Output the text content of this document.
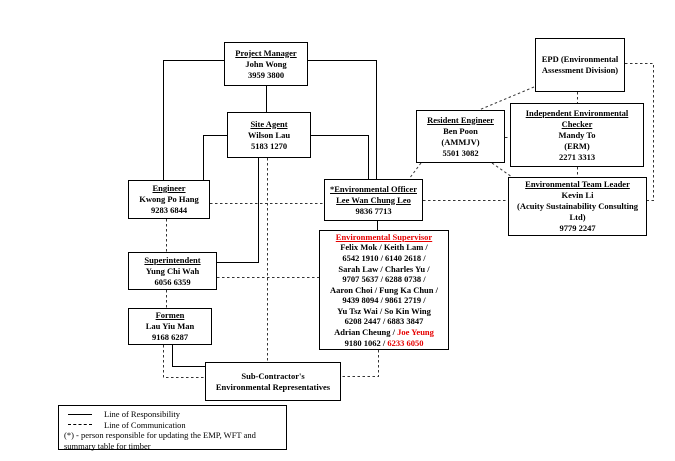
Project Manager
John Wong
3959 3800
Site Agent
Wilson Lau
5183 1270
EPD (Environmental
Assessment Division)
Resident Engineer
Ben Poon
(AMMJV)
5501 3082
Independent Environmental
Checker
Mandy To
(ERM)
2271 3313
Engineer
Kwong Po Hang
9283 6844
*Environmental Officer
Lee Wan Chung Leo
9836 7713
Environmental Team Leader
Kevin Li
(Acuity Sustainability Consulting
Ltd)
9779 2247
Superintendent
Yung Chi Wah
6056 6359
Formen
Lau Yiu Man
9168 6287
Environmental Supervisor
Felix Mok / Keith Lam /
6542 1910 / 6140 2618 /
Sarah Law / Charles Yu /
9707 5637 / 6288 0738 /
Aaron Choi / Fung Ka Chun /
9439 8094 / 9861 2719 /
Yu Tsz Wai / So Kin Wing
6208 2447 / 6883 3847
Adrian Cheung / Joe Yeung
9180 1062 / 6233 6050
Sub-Contractor's
Environmental Representatives
Line of Responsibility
Line of Communication
(*) - person responsible for updating the EMP, WFT and
summary table for timber
